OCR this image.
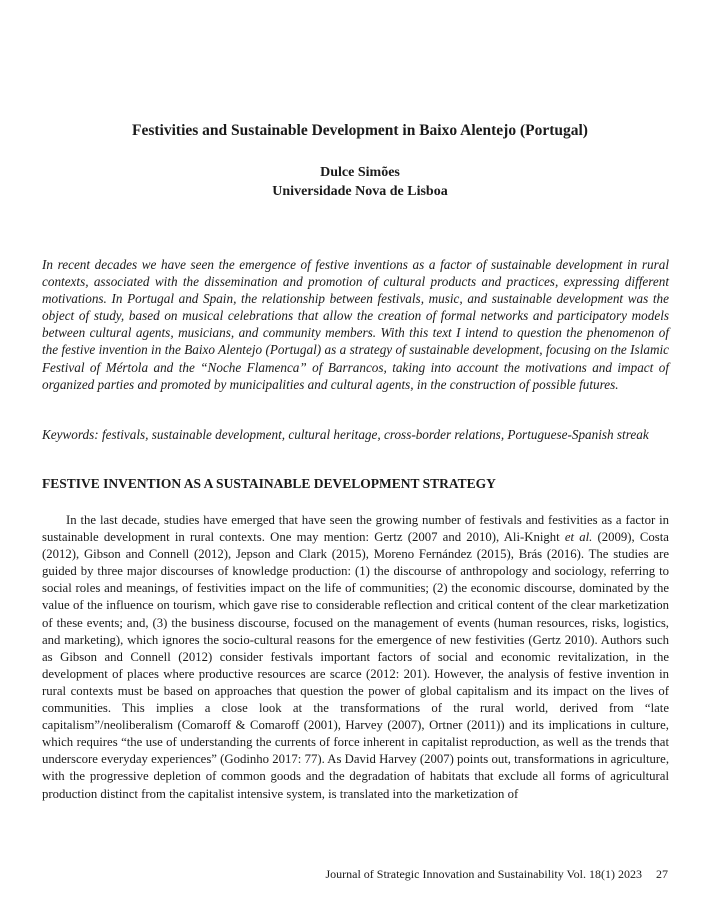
Festivities and Sustainable Development in Baixo Alentejo (Portugal)
Dulce Simões
Universidade Nova de Lisboa

In recent decades we have seen the emergence of festive inventions as a factor of sustainable development in rural contexts, associated with the dissemination and promotion of cultural products and practices, expressing different motivations. In Portugal and Spain, the relationship between festivals, music, and sustainable development was the object of study, based on musical celebrations that allow the creation of formal networks and participatory models between cultural agents, musicians, and community members. With this text I intend to question the phenomenon of the festive invention in the Baixo Alentejo (Portugal) as a strategy of sustainable development, focusing on the Islamic Festival of Mértola and the “Noche Flamenca” of Barrancos, taking into account the motivations and impact of organized parties and promoted by municipalities and cultural agents, in the construction of possible futures.

Keywords: festivals, sustainable development, cultural heritage, cross-border relations, Portuguese-Spanish streak

FESTIVE INVENTION AS A SUSTAINABLE DEVELOPMENT STRATEGY

In the last decade, studies have emerged that have seen the growing number of festivals and festivities as a factor in sustainable development in rural contexts. One may mention: Gertz (2007 and 2010), Ali-Knight et al. (2009), Costa (2012), Gibson and Connell (2012), Jepson and Clark (2015), Moreno Fernández (2015), Brás (2016). The studies are guided by three major discourses of knowledge production: (1) the discourse of anthropology and sociology, referring to social roles and meanings, of festivities impact on the life of communities; (2) the economic discourse, dominated by the value of the influence on tourism, which gave rise to considerable reflection and critical content of the clear marketization of these events; and, (3) the business discourse, focused on the management of events (human resources, risks, logistics, and marketing), which ignores the socio-cultural reasons for the emergence of new festivities (Gertz 2010). Authors such as Gibson and Connell (2012) consider festivals important factors of social and economic revitalization, in the development of places where productive resources are scarce (2012: 201). However, the analysis of festive invention in rural contexts must be based on approaches that question the power of global capitalism and its impact on the lives of communities. This implies a close look at the transformations of the rural world, derived from “late capitalism”/neoliberalism (Comaroff & Comaroff (2001), Harvey (2007), Ortner (2011)) and its implications in culture, which requires “the use of understanding the currents of force inherent in capitalist reproduction, as well as the trends that underscore everyday experiences” (Godinho 2017: 77). As David Harvey (2007) points out, transformations in agriculture, with the progressive depletion of common goods and the degradation of habitats that exclude all forms of agricultural production distinct from the capitalist intensive system, is translated into the marketization of

Journal of Strategic Innovation and Sustainability Vol. 18(1) 2023 27
